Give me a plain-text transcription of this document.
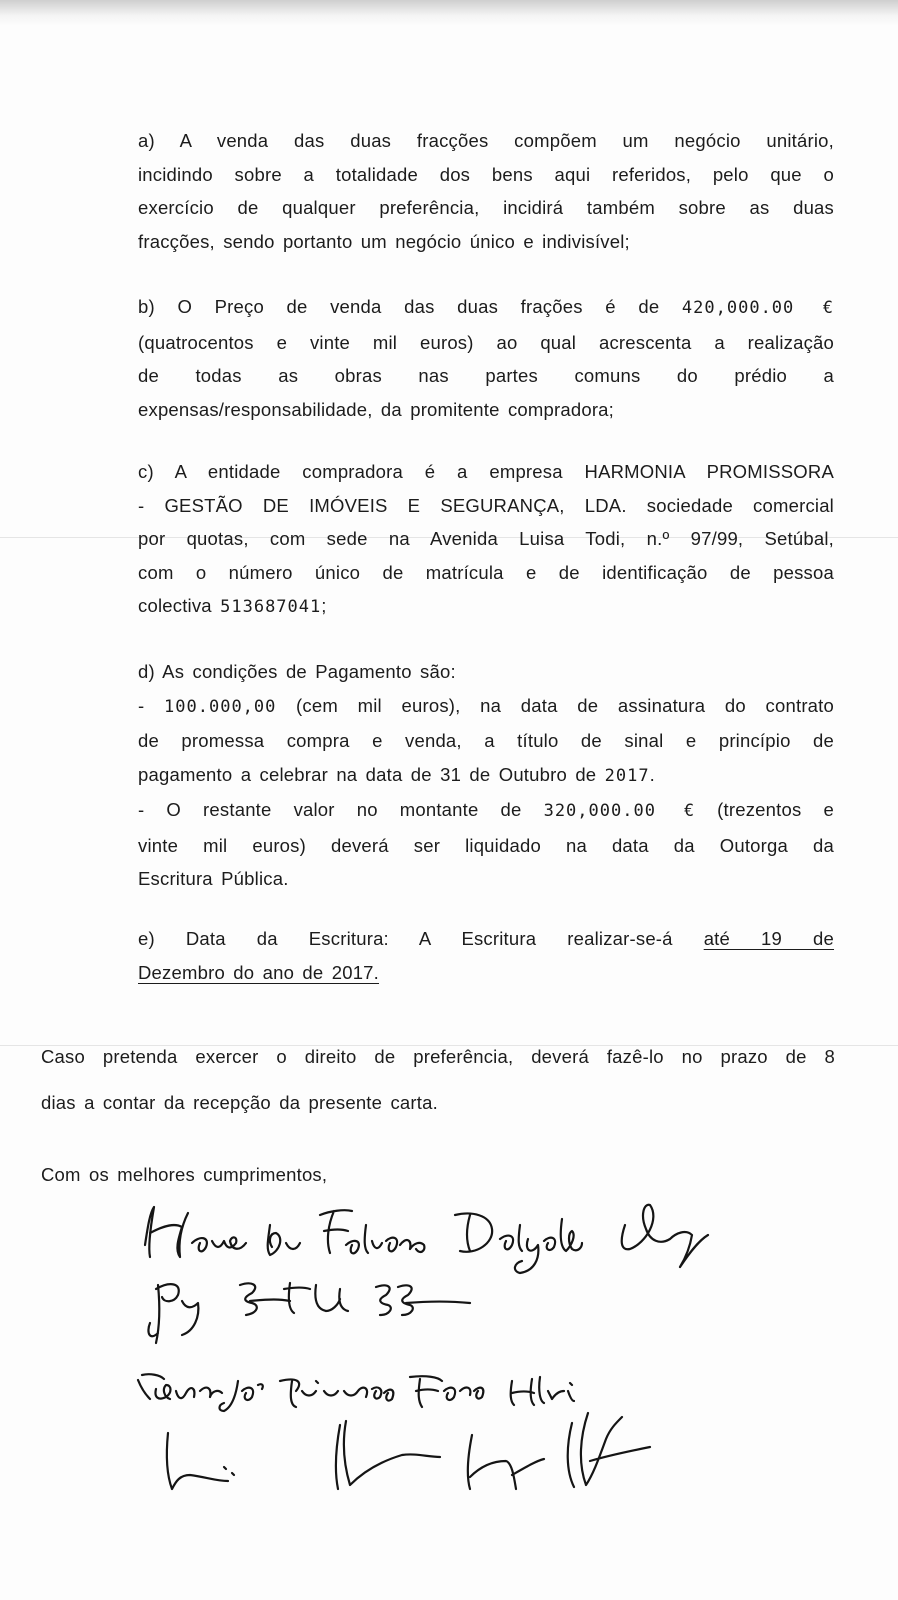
a) A venda das duas fracções compõem um negócio unitário,
incidindo sobre a totalidade dos bens aqui referidos, pelo que o
exercício de qualquer preferência, incidirá também sobre as duas
fracções, sendo portanto um negócio único e indivisível;
b) O Preço de venda das duas frações é de 420,000.00 €
(quatrocentos e vinte mil euros) ao qual acrescenta a realização
de todas as obras nas partes comuns do prédio a
expensas/responsabilidade, da promitente compradora;
c) A entidade compradora é a empresa HARMONIA PROMISSORA
- GESTÃO DE IMÓVEIS E SEGURANÇA, LDA. sociedade comercial
por quotas, com sede na Avenida Luisa Todi, n.º 97/99, Setúbal,
com o número único de matrícula e de identificação de pessoa
colectiva 513687041;
d) As condições de Pagamento são:
- 100.000,00 (cem mil euros), na data de assinatura do contrato
de promessa compra e venda, a título de sinal e princípio de
pagamento a celebrar na data de 31 de Outubro de 2017.
- O restante valor no montante de 320,000.00 € (trezentos e
vinte mil euros) deverá ser liquidado na data da Outorga da
Escritura Pública.
e) Data da Escritura: A Escritura realizar-se-á até 19 de
Dezembro do ano de 2017.
Caso pretenda exercer o direito de preferência, deverá fazê-lo no prazo de 8
dias a contar da recepção da presente carta.
Com os melhores cumprimentos,
